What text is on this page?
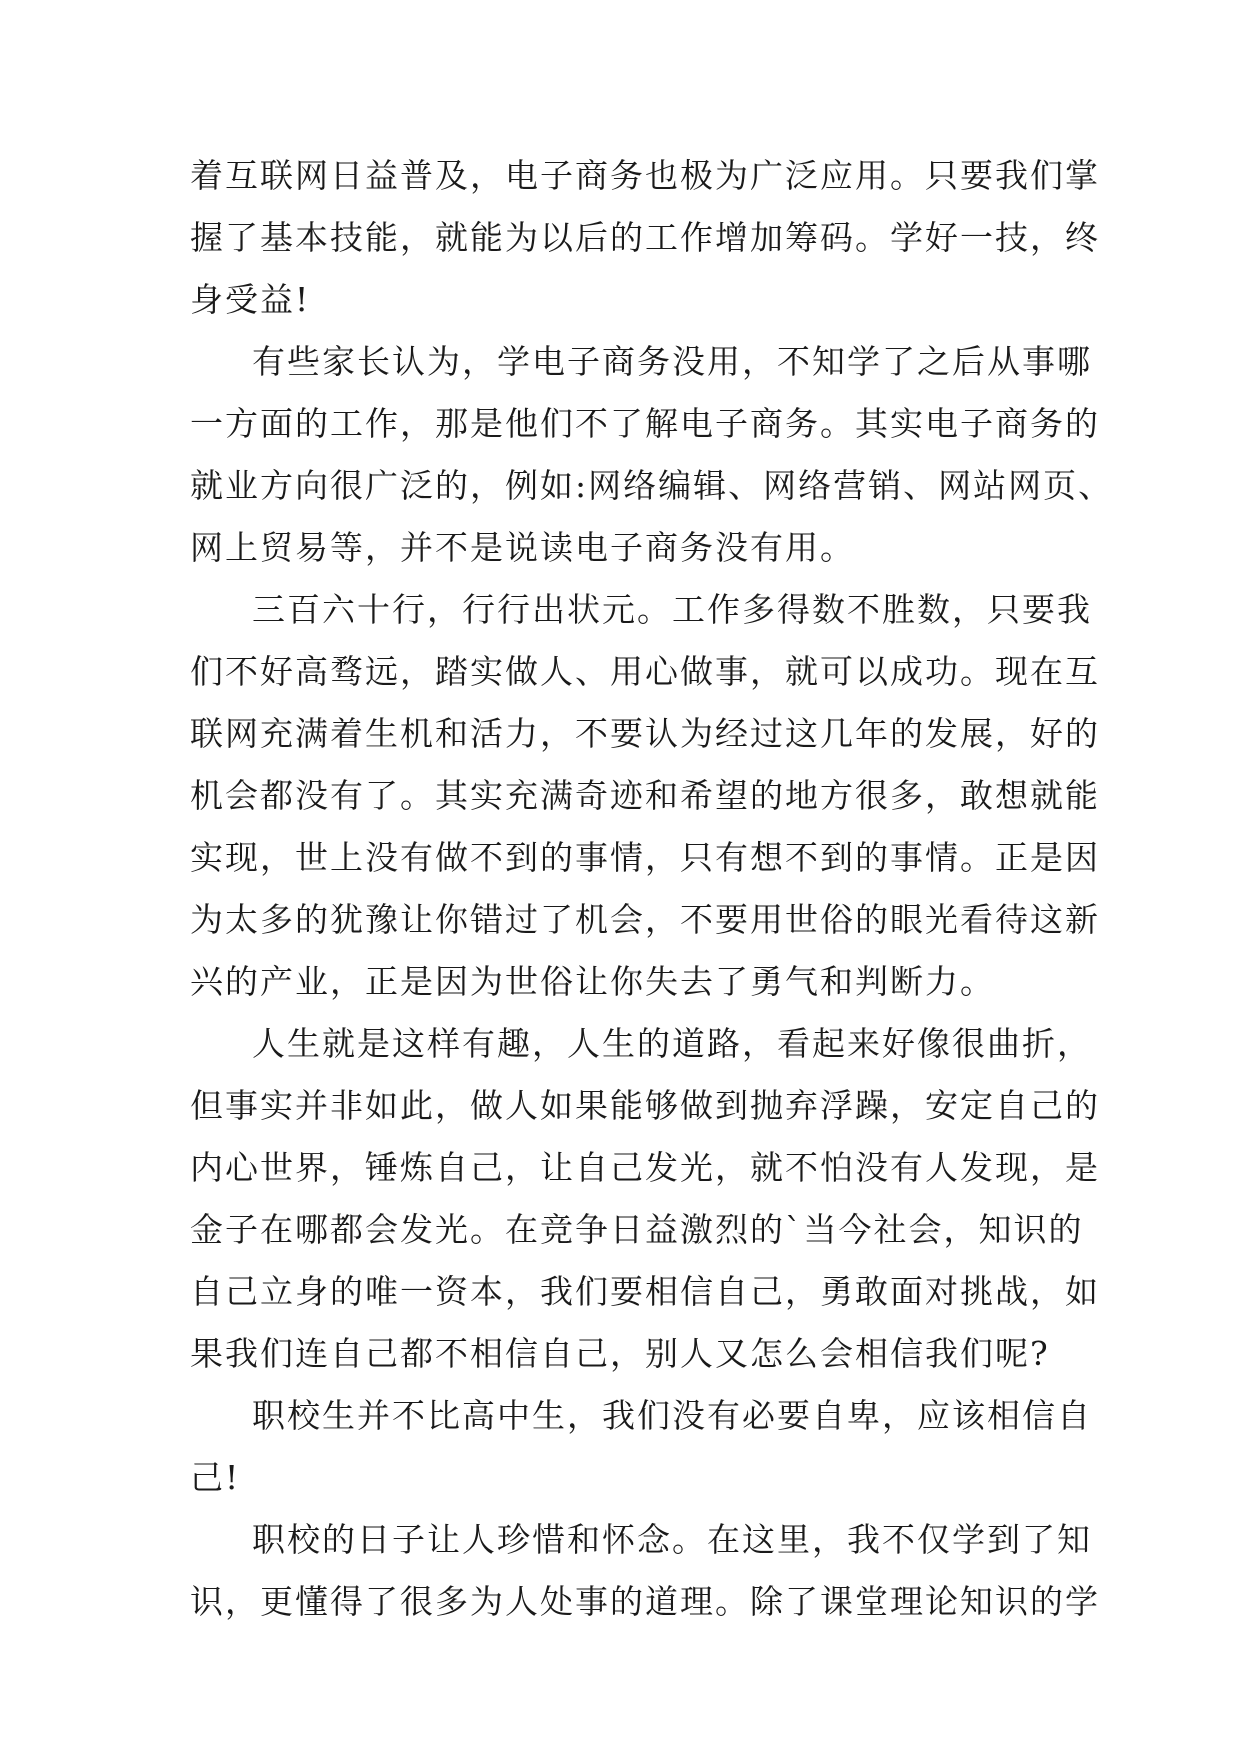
着互联网日益普及，电子商务也极为广泛应用。只要我们掌
握了基本技能，就能为以后的工作增加筹码。学好一技，终
身受益!
有些家长认为，学电子商务没用，不知学了之后从事哪
一方面的工作，那是他们不了解电子商务。其实电子商务的
就业方向很广泛的，例如:网络编辑、网络营销、网站网页、
网上贸易等，并不是说读电子商务没有用。
三百六十行，行行出状元。工作多得数不胜数，只要我
们不好高骛远，踏实做人、用心做事，就可以成功。现在互
联网充满着生机和活力，不要认为经过这几年的发展，好的
机会都没有了。其实充满奇迹和希望的地方很多，敢想就能
实现，世上没有做不到的事情，只有想不到的事情。正是因
为太多的犹豫让你错过了机会，不要用世俗的眼光看待这新
兴的产业，正是因为世俗让你失去了勇气和判断力。
人生就是这样有趣，人生的道路，看起来好像很曲折，
但事实并非如此，做人如果能够做到抛弃浮躁，安定自己的
内心世界，锤炼自己，让自己发光，就不怕没有人发现，是
金子在哪都会发光。在竞争日益激烈的`当今社会，知识的
自己立身的唯一资本，我们要相信自己，勇敢面对挑战，如
果我们连自己都不相信自己，别人又怎么会相信我们呢?
职校生并不比高中生，我们没有必要自卑，应该相信自
己!
职校的日子让人珍惜和怀念。在这里，我不仅学到了知
识，更懂得了很多为人处事的道理。除了课堂理论知识的学
